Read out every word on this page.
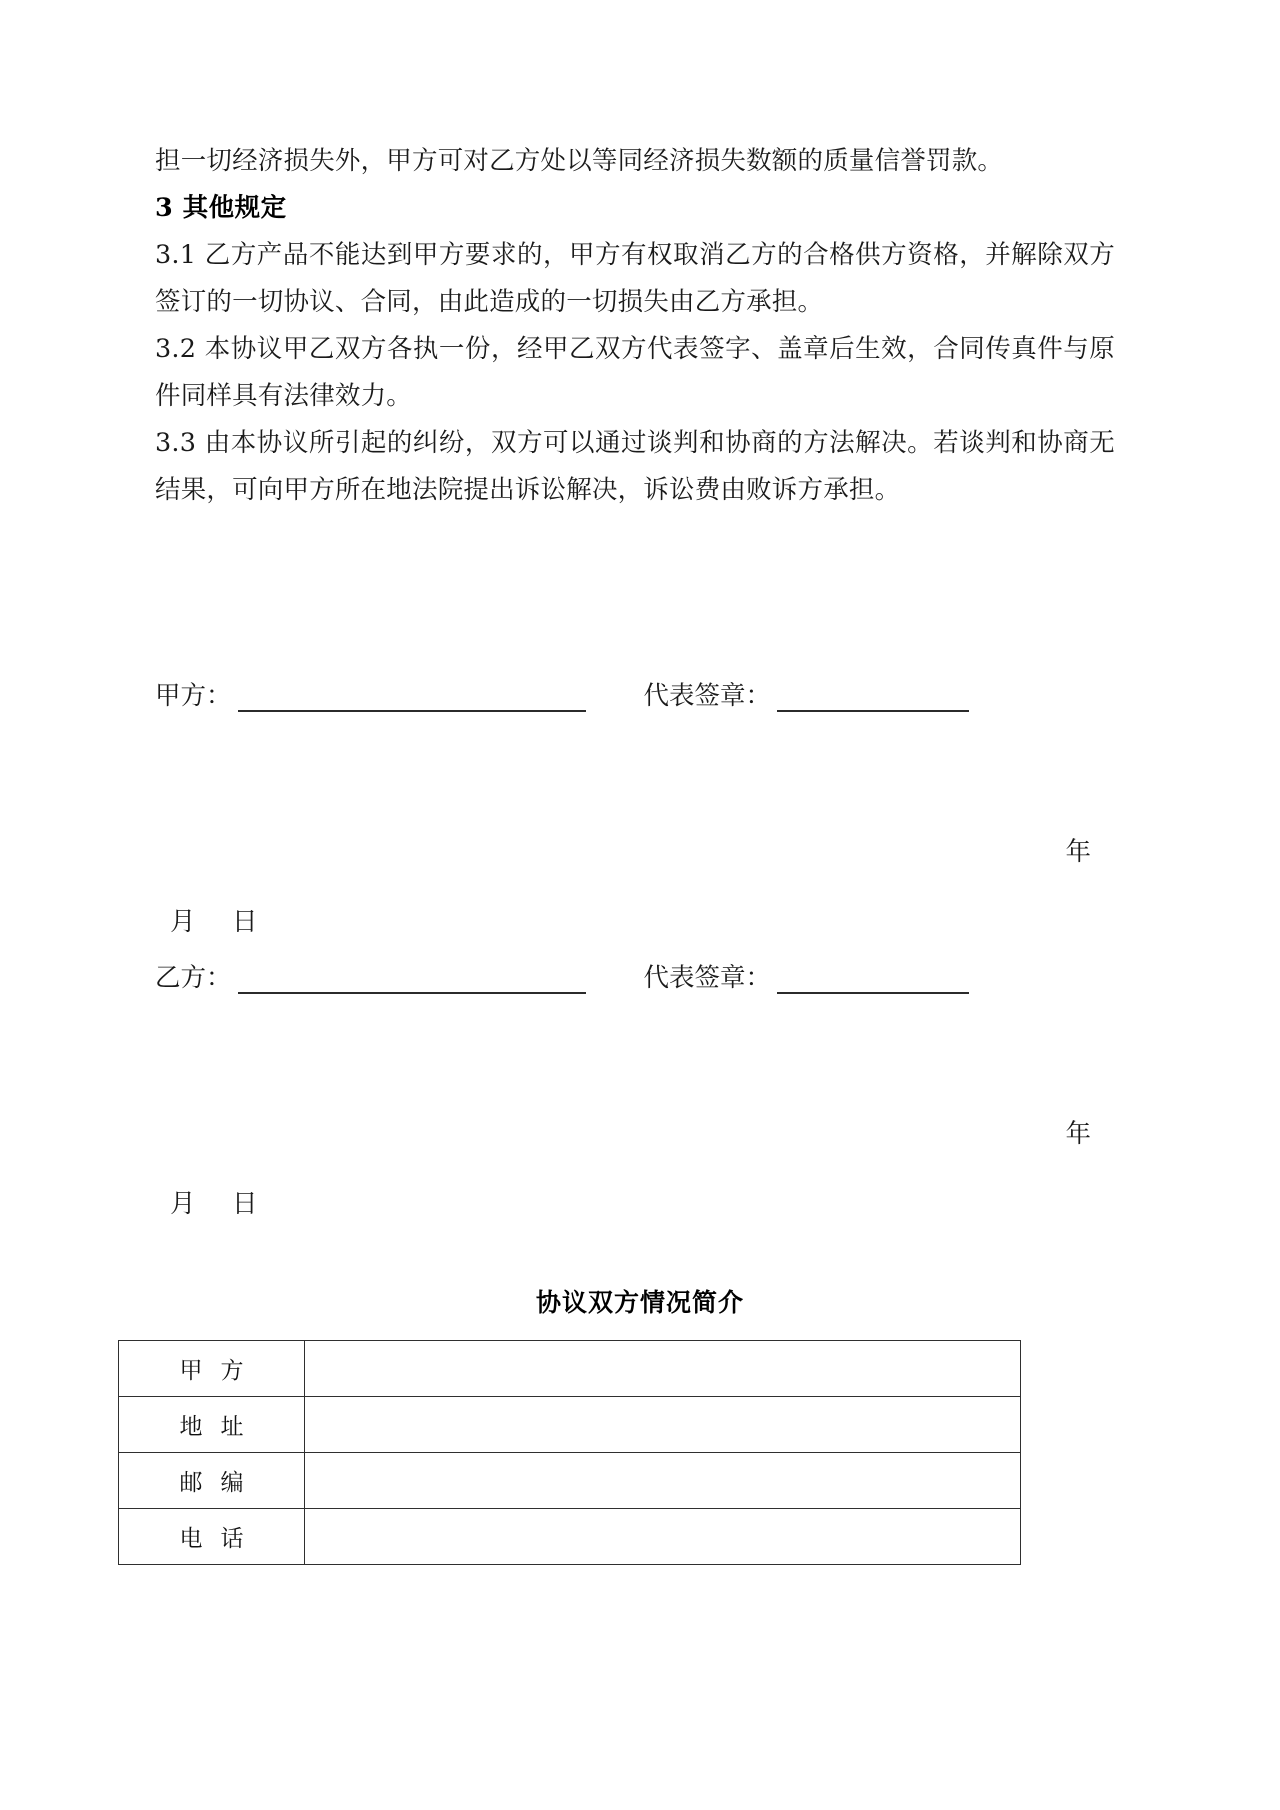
担一切经济损失外，甲方可对乙方处以等同经济损失数额的质量信誉罚款。

3 其他规定

3.1 乙方产品不能达到甲方要求的，甲方有权取消乙方的合格供方资格，并解除双方签订的一切协议、合同，由此造成的一切损失由乙方承担。

3.2 本协议甲乙双方各执一份，经甲乙双方代表签字、盖章后生效，合同传真件与原件同样具有法律效力。

3.3 由本协议所引起的纠纷，双方可以通过谈判和协商的方法解决。若谈判和协商无结果，可向甲方所在地法院提出诉讼解决，诉讼费由败诉方承担。

甲方：	代表签章：
年
月 日
乙方：	代表签章：
年
月 日
协议双方情况简介
甲方	
地址	
邮编	
电话	
